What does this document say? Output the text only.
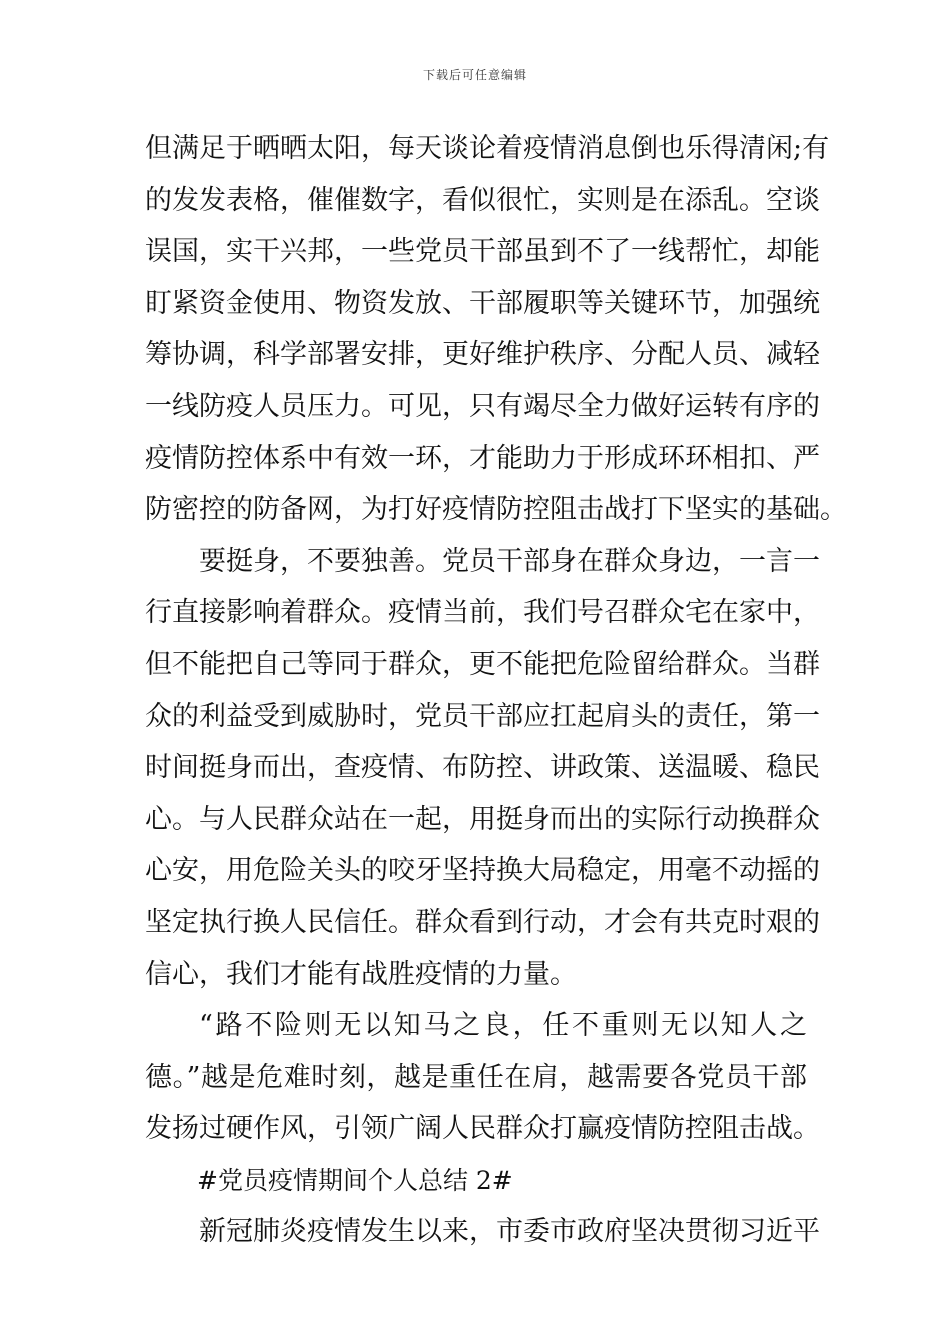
下载后可任意编辑
但满足于晒晒太阳，每天谈论着疫情消息倒也乐得清闲;有
的发发表格，催催数字，看似很忙，实则是在添乱。空谈
误国，实干兴邦，一些党员干部虽到不了一线帮忙，却能
盯紧资金使用、物资发放、干部履职等关键环节，加强统
筹协调，科学部署安排，更好维护秩序、分配人员、减轻
一线防疫人员压力。可见，只有竭尽全力做好运转有序的
疫情防控体系中有效一环，才能助力于形成环环相扣、严
防密控的防备网，为打好疫情防控阻击战打下坚实的基础。
要挺身，不要独善。党员干部身在群众身边，一言一
行直接影响着群众。疫情当前，我们号召群众宅在家中，
但不能把自己等同于群众，更不能把危险留给群众。当群
众的利益受到威胁时，党员干部应扛起肩头的责任，第一
时间挺身而出，查疫情、布防控、讲政策、送温暖、稳民
心。与人民群众站在一起，用挺身而出的实际行动换群众
心安，用危险关头的咬牙坚持换大局稳定，用毫不动摇的
坚定执行换人民信任。群众看到行动，才会有共克时艰的
信心，我们才能有战胜疫情的力量。
“路不险则无以知马之良，任不重则无以知人之
德。”越是危难时刻，越是重任在肩，越需要各党员干部
发扬过硬作风，引领广阔人民群众打赢疫情防控阻击战。
#党员疫情期间个人总结 2#
新冠肺炎疫情发生以来，市委市政府坚决贯彻习近平
